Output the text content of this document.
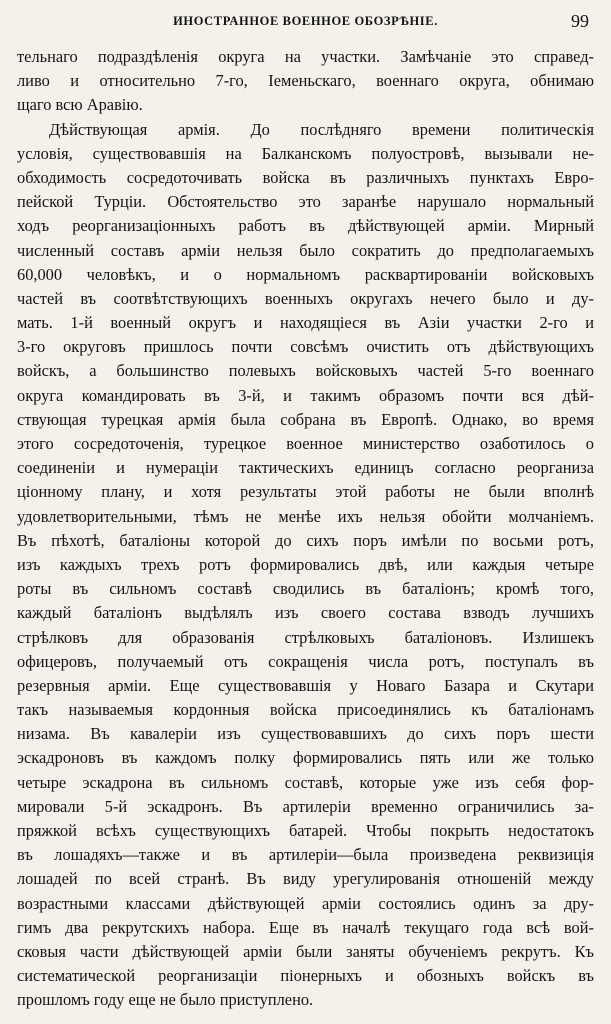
ИНОСТРАННОЕ ВОЕННОЕ ОБОЗРѢНІЕ.	99
тельнаго подраздѣленія округа на участки. Замѣчаніе это справед-
ливо и относительно 7-го, Іеменьскаго, военнаго округа, обнимаю
щаго всю Аравію.
Дѣйствующая армія. До послѣдняго времени политическія
условія, существовавшія на Балканскомъ полуостровѣ, вызывали не-
обходимость сосредоточивать войска въ различныхъ пунктахъ Евро-
пейской Турціи. Обстоятельство это заранѣе нарушало нормальный
ходъ реорганизаціонныхъ работъ въ дѣйствующей арміи. Мирный
численный составъ арміи нельзя было сократить до предполагаемыхъ
60,000 человѣкъ, и о нормальномъ расквартированіи войсковыхъ
частей въ соотвѣтствующихъ военныхъ округахъ нечего было и ду-
мать. 1-й военный округъ и находящіеся въ Азіи участки 2-го и
3-го округовъ пришлось почти совсѣмъ очистить отъ дѣйствующихъ
войскъ, а большинство полевыхъ войсковыхъ частей 5-го военнаго
округа командировать въ 3-й, и такимъ образомъ почти вся дѣй-
ствующая турецкая армія была собрана въ Европѣ. Однако, во время
этого сосредоточенія, турецкое военное министерство озаботилось о
соединеніи и нумераціи тактическихъ единицъ согласно реорганиза
ціонному плану, и хотя результаты этой работы не были вполнѣ
удовлетворительными, тѣмъ не менѣе ихъ нельзя обойти молчаніемъ.
Въ пѣхотѣ, баталіоны которой до сихъ поръ имѣли по восьми ротъ,
изъ каждыхъ трехъ ротъ формировались двѣ, или каждыя четыре
роты въ сильномъ составѣ сводились въ баталіонъ; кромѣ того,
каждый баталіонъ выдѣлялъ изъ своего состава взводъ лучшихъ
стрѣлковъ для образованія стрѣлковыхъ баталіоновъ. Излишекъ
офицеровъ, получаемый отъ сокращенія числа ротъ, поступалъ въ
резервныя арміи. Еще существовавшія у Новаго Базара и Скутари
такъ называемыя кордонныя войска присоединялись къ баталіонамъ
низама. Въ кавалеріи изъ существовавшихъ до сихъ поръ шести
эскадроновъ въ каждомъ полку формировались пять или же только
четыре эскадрона въ сильномъ составѣ, которые уже изъ себя фор-
мировали 5-й эскадронъ. Въ артилеріи временно ограничились за-
пряжкой всѣхъ существующихъ батарей. Чтобы покрыть недостатокъ
въ лошадяхъ—также и въ артилеріи—была произведена реквизиція
лошадей по всей странѣ. Въ виду урегулированія отношеній между
возрастными классами дѣйствующей арміи состоялись одинъ за дру-
гимъ два рекрутскихъ набора. Еще въ началѣ текущаго года всѣ вой-
сковыя части дѣйствующей арміи были заняты обученіемъ рекрутъ. Къ
систематической реорганизаціи піонерныхъ и обозныхъ войскъ въ
прошломъ году еще не было приступлено.
